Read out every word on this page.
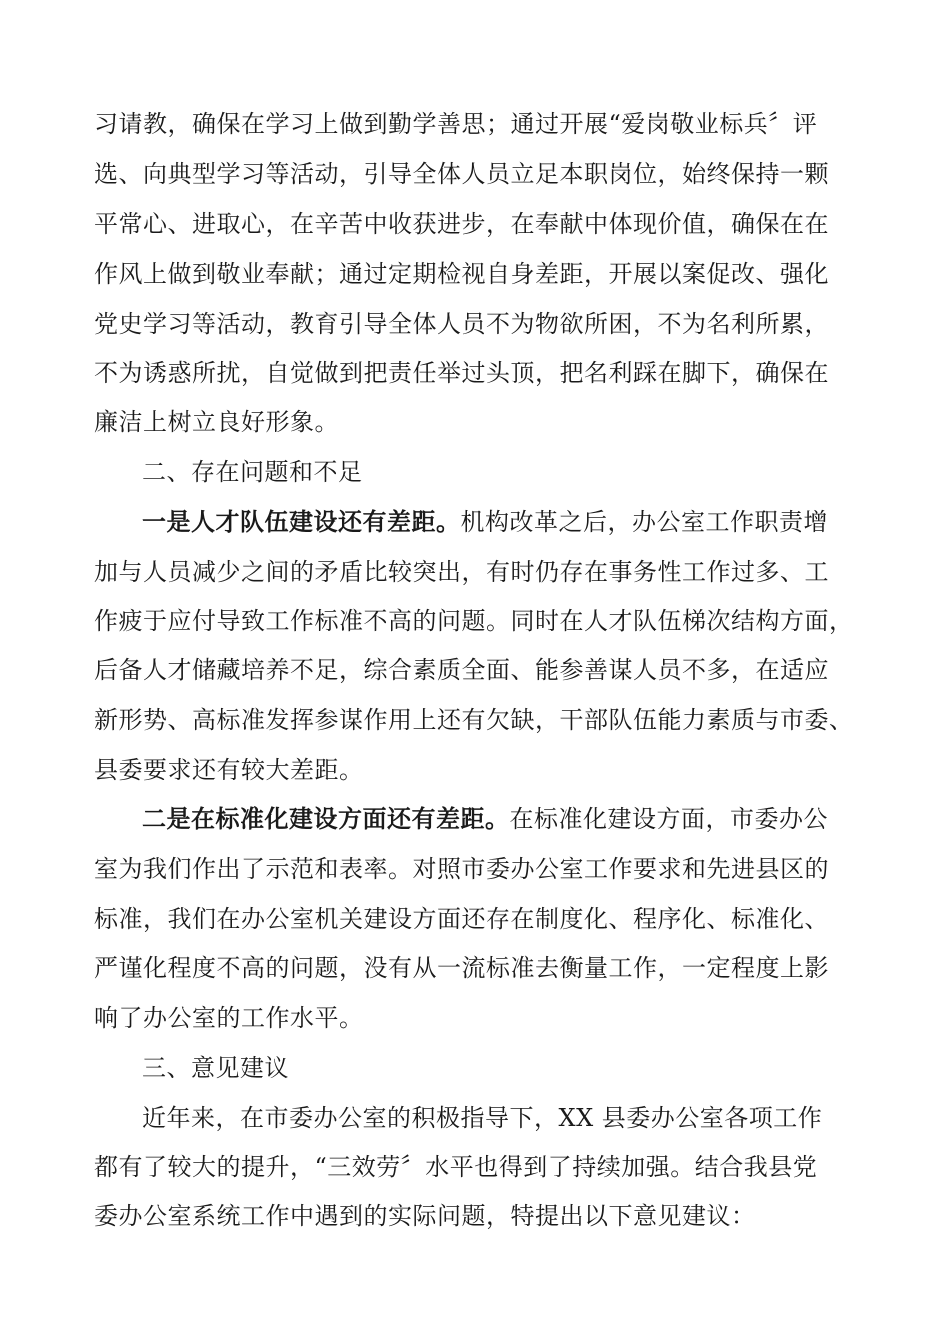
习请教，确保在学习上做到勤学善思；通过开展“爱岗敬业标兵〞评

选、向典型学习等活动，引导全体人员立足本职岗位，始终保持一颗

平常心、进取心，在辛苦中收获进步，在奉献中体现价值，确保在在

作风上做到敬业奉献；通过定期检视自身差距，开展以案促改、强化

党史学习等活动，教育引导全体人员不为物欲所困，不为名利所累，

不为诱惑所扰，自觉做到把责任举过头顶，把名利踩在脚下，确保在

廉洁上树立良好形象。

二、存在问题和不足

一是人才队伍建设还有差距。机构改革之后，办公室工作职责增

加与人员减少之间的矛盾比较突出，有时仍存在事务性工作过多、工

作疲于应付导致工作标准不高的问题。同时在人才队伍梯次结构方面，

后备人才储藏培养不足，综合素质全面、能参善谋人员不多，在适应

新形势、高标准发挥参谋作用上还有欠缺，干部队伍能力素质与市委、

县委要求还有较大差距。

二是在标准化建设方面还有差距。在标准化建设方面，市委办公

室为我们作出了示范和表率。对照市委办公室工作要求和先进县区的

标准，我们在办公室机关建设方面还存在制度化、程序化、标准化、

严谨化程度不高的问题，没有从一流标准去衡量工作，一定程度上影

响了办公室的工作水平。

三、意见建议

近年来，在市委办公室的积极指导下，XX 县委办公室各项工作

都有了较大的提升，“三效劳〞水平也得到了持续加强。结合我县党

委办公室系统工作中遇到的实际问题，特提出以下意见建议：
